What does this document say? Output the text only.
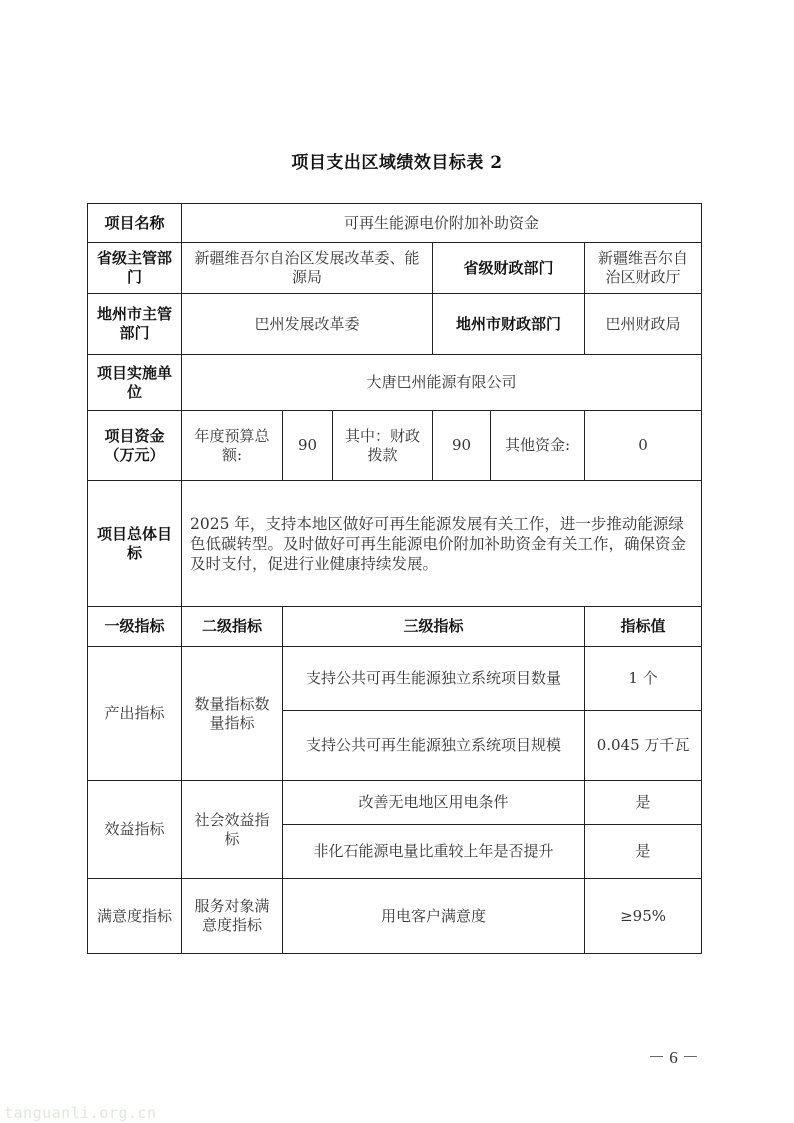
项目支出区域绩效目标表 2
项目名称	可再生能源电价附加补助资金					
省级主管部门	新疆维吾尔自治区发展改革委、能源局			省级财政部门		新疆维吾尔自治区财政厅
地州市主管部门	巴州发展改革委			地州市财政部门		巴州财政局
项目实施单位	大唐巴州能源有限公司					
项目资金（万元）	年度预算总额:	90	其中：财政拨款	90	其他资金:	0
项目总体目标	2025 年，支持本地区做好可再生能源发展有关工作，进一步推动能源绿色低碳转型。及时做好可再生能源电价附加补助资金有关工作，确保资金及时支付，促进行业健康持续发展。					
一级指标	二级指标	三级指标				指标值
产出指标	数量指标数量指标	支持公共可再生能源独立系统项目数量				1 个
		支持公共可再生能源独立系统项目规模				0.045 万千瓦
效益指标	社会效益指标	改善无电地区用电条件				是
		非化石能源电量比重较上年是否提升				是
满意度指标	服务对象满意度指标	用电客户满意度				≥95%
－ 6 －
tanguanli.org.cn
